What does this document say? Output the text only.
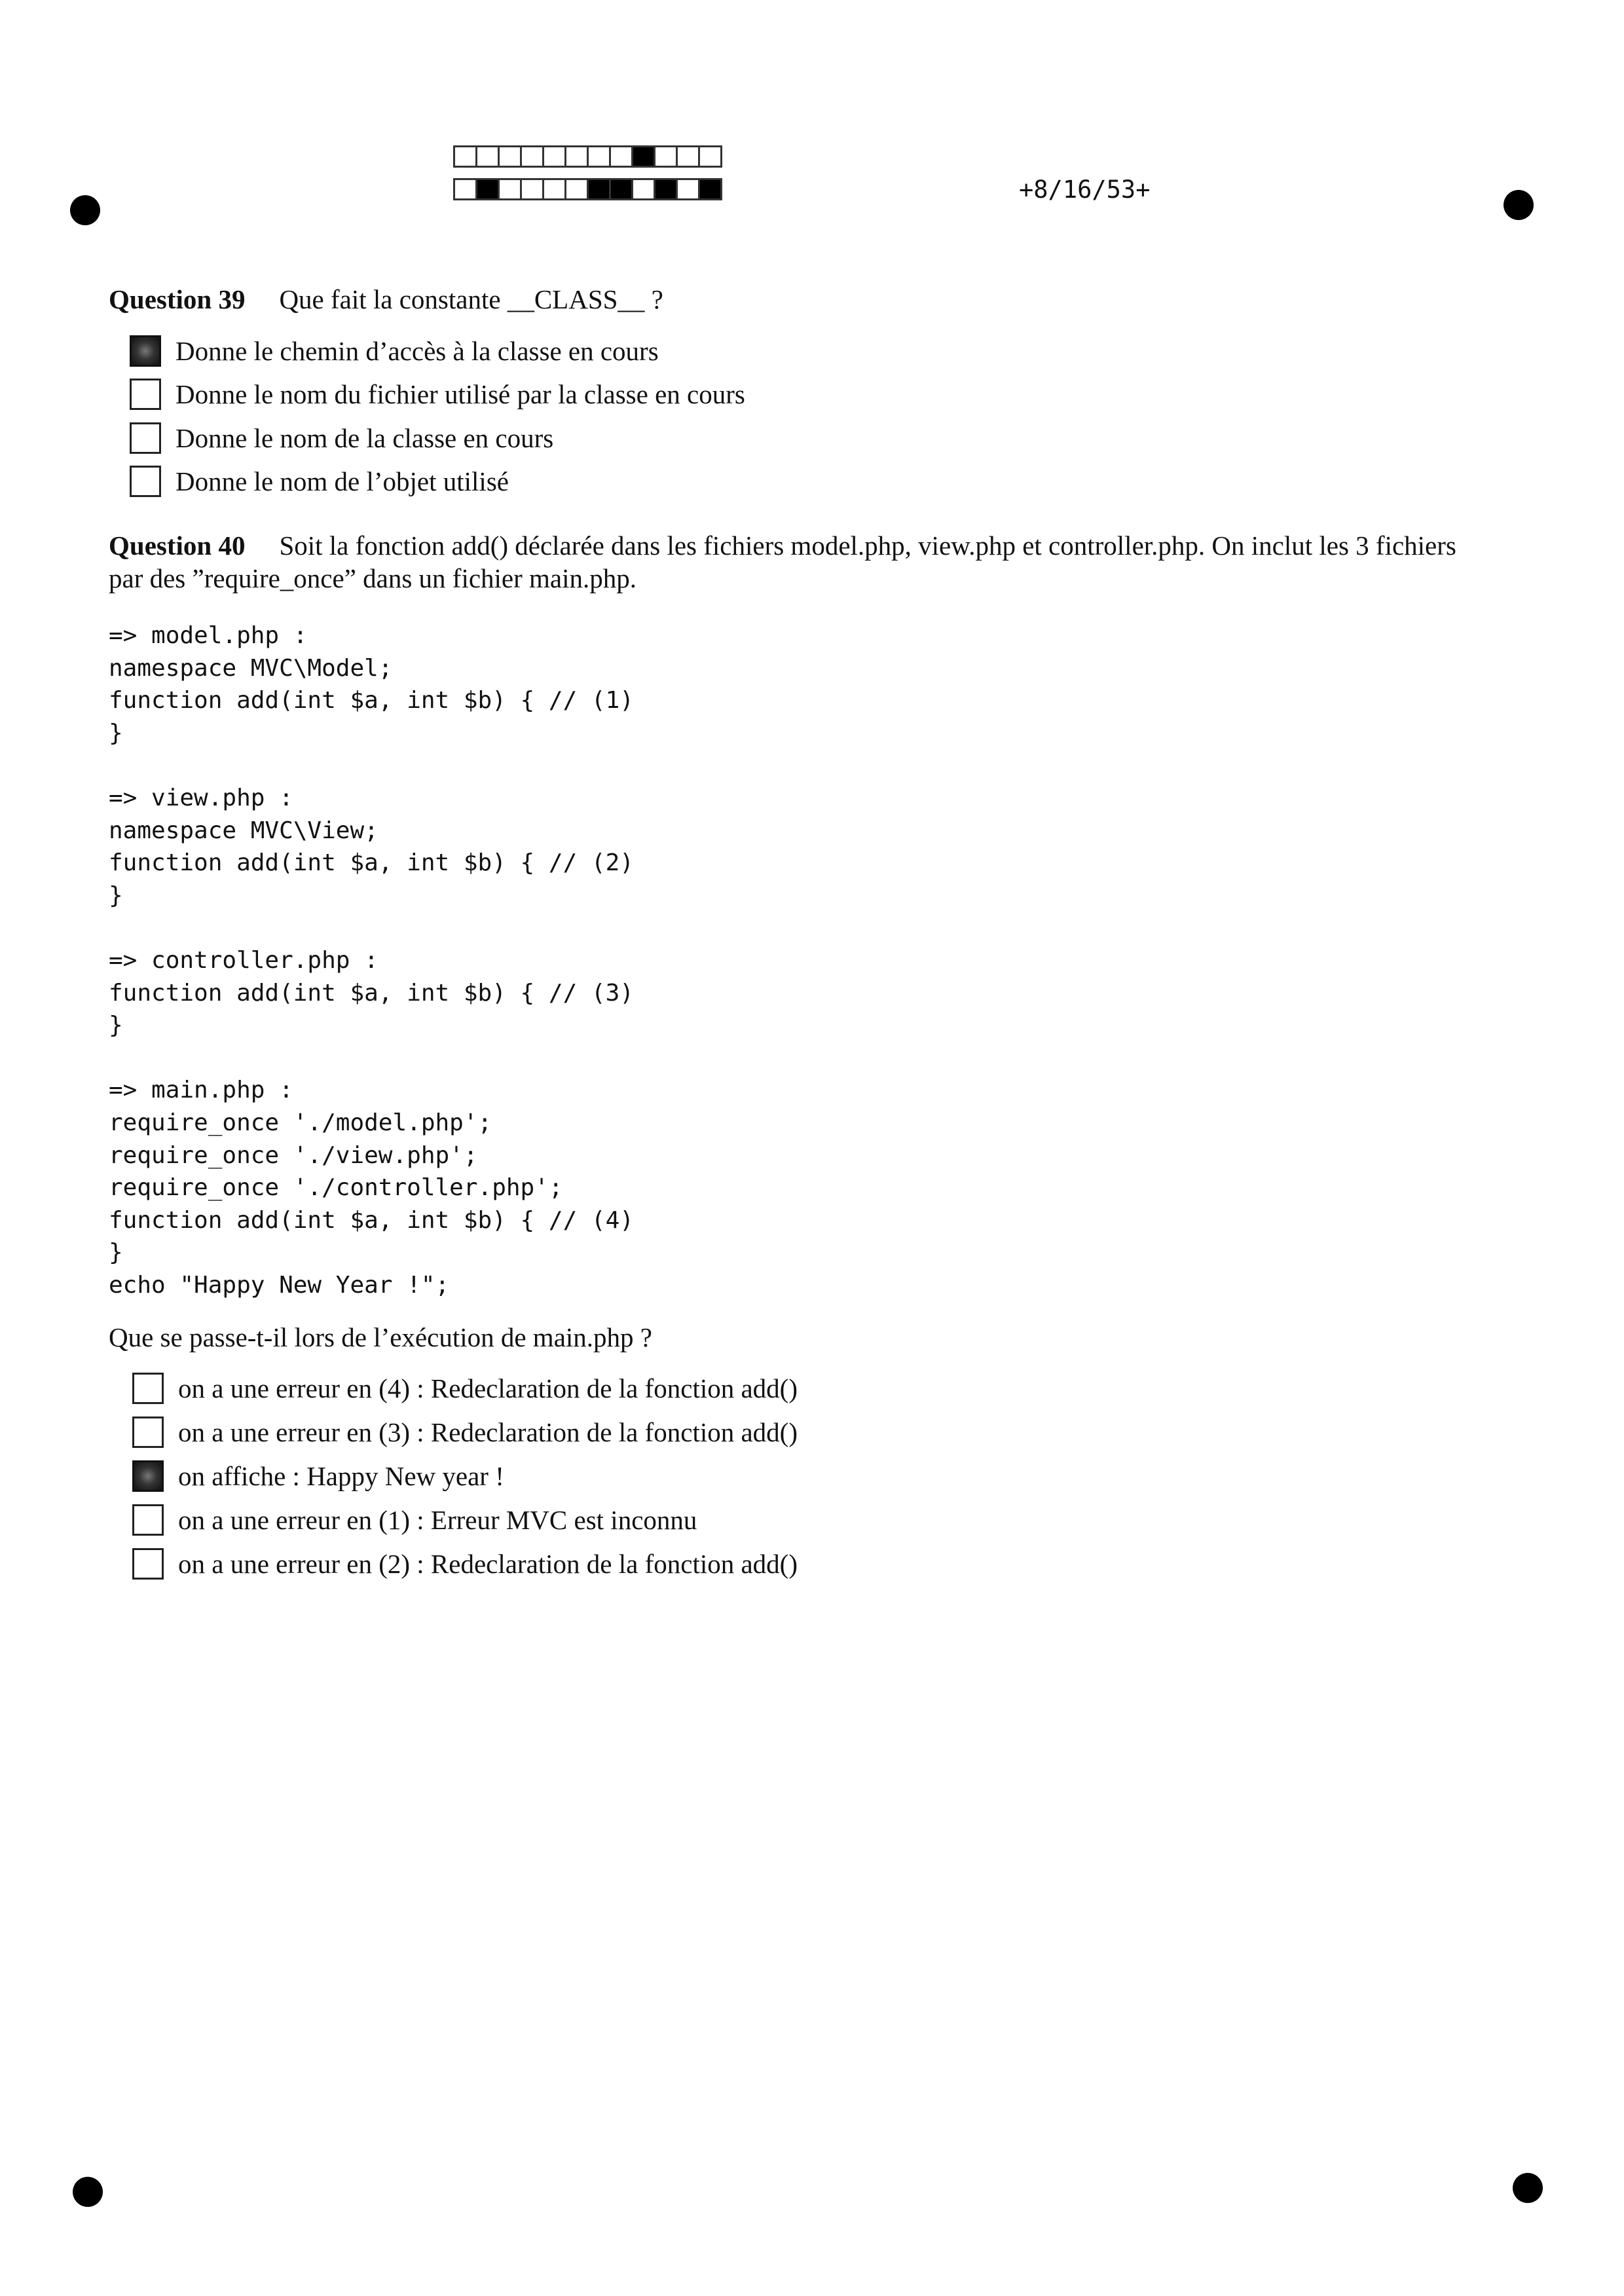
+8/16/53+
Question 39 Que fait la constante __CLASS__ ?
Donne le chemin d’accès à la classe en cours
Donne le nom du fichier utilisé par la classe en cours
Donne le nom de la classe en cours
Donne le nom de l’objet utilisé
Question 40 Soit la fonction add() déclarée dans les fichiers model.php, view.php et controller.php. On inclut les 3 fichiers
par des ”require_once” dans un fichier main.php.
=> model.php :
namespace MVC\Model;
function add(int $a, int $b) { // (1)
}
=> view.php :
namespace MVC\View;
function add(int $a, int $b) { // (2)
}
=> controller.php :
function add(int $a, int $b) { // (3)
}
=> main.php :
require_once './model.php';
require_once './view.php';
require_once './controller.php';
function add(int $a, int $b) { // (4)
}
echo "Happy New Year !";
Que se passe-t-il lors de l’exécution de main.php ?
on a une erreur en (4) : Redeclaration de la fonction add()
on a une erreur en (3) : Redeclaration de la fonction add()
on affiche : Happy New year !
on a une erreur en (1) : Erreur MVC est inconnu
on a une erreur en (2) : Redeclaration de la fonction add()
